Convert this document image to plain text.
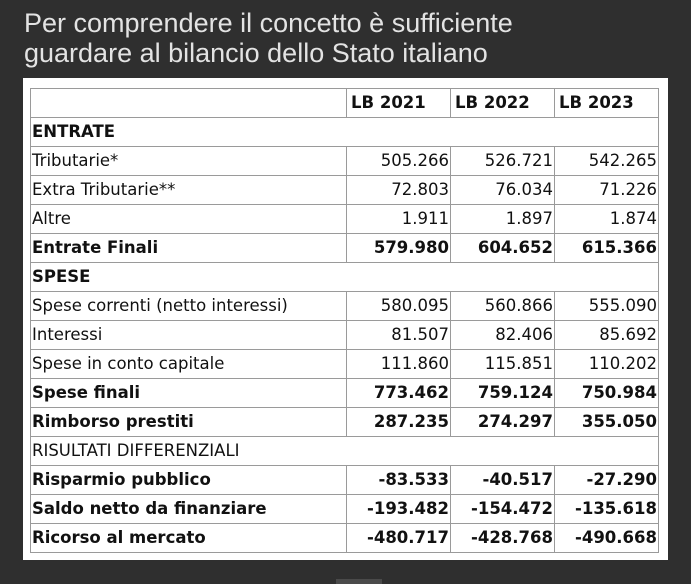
Per comprendere il concetto è sufficiente
guardare al bilancio dello Stato italiano
	LB 2021	LB 2022	LB 2023
ENTRATE			
Tributarie*	505.266	526.721	542.265
Extra Tributarie**	72.803	76.034	71.226
Altre	1.911	1.897	1.874
Entrate Finali	579.980	604.652	615.366
SPESE			
Spese correnti (netto interessi)	580.095	560.866	555.090
Interessi	81.507	82.406	85.692
Spese in conto capitale	111.860	115.851	110.202
Spese finali	773.462	759.124	750.984
Rimborso prestiti	287.235	274.297	355.050
RISULTATI DIFFERENZIALI			
Risparmio pubblico	-83.533	-40.517	-27.290
Saldo netto da finanziare	-193.482	-154.472	-135.618
Ricorso al mercato	-480.717	-428.768	-490.668
